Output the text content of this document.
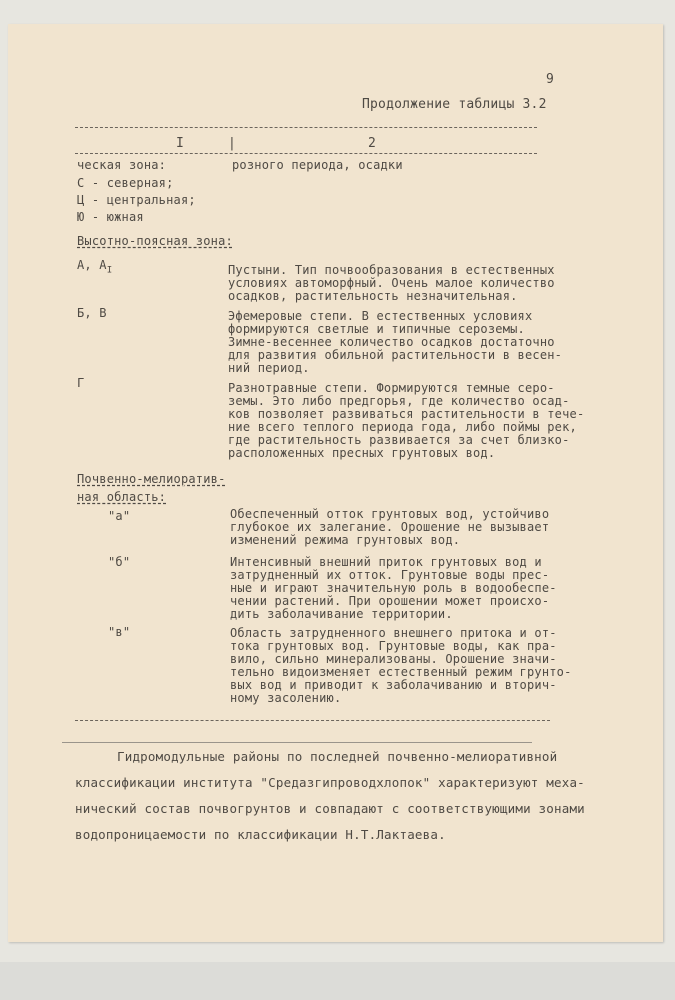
9
Продолжение таблицы 3.2
I	|	2
ческая зона:	розного периода, осадки
С - северная;
Ц - центральная;
Ю - южная
Высотно-поясная зона:
А, $А_I$	Пустыни. Тип почвообразования в естественных
условиях автоморфный. Очень малое количество
осадков, растительность незначительная.
Б, В	Эфемеровые степи. В естественных условиях
формируются светлые и типичные сероземы.
Зимне-весеннее количество осадков достаточно
для развития обильной растительности в весен-
ний период.
Г	Разнотравные степи. Формируются темные серо-
земы. Это либо предгорья, где количество осад-
ков позволяет развиваться растительности в тече-
ние всего теплого периода года, либо поймы рек,
где растительность развивается за счет близко-
расположенных пресных грунтовых вод.
Почвенно-мелиоратив-
ная область:
"а"	Обеспеченный отток грунтовых вод, устойчиво
глубокое их залегание. Орошение не вызывает
изменений режима грунтовых вод.
"б"	Интенсивный внешний приток грунтовых вод и
затрудненный их отток. Грунтовые воды прес-
ные и играют значительную роль в водообеспе-
чении растений. При орошении может происхо-
дить заболачивание территории.
"в"	Область затрудненного внешнего притока и от-
тока грунтовых вод. Грунтовые воды, как пра-
вило, сильно минерализованы. Орошение значи-
тельно видоизменяет естественный режим грунто-
вых вод и приводит к заболачиванию и вторич-
ному засолению.
Гидромодульные районы по последней почвенно-мелиоративной
классификации института "Средазгипроводхлопок" характеризуют меха-
нический состав почвогрунтов и совпадают с соответствующими зонами
водопроницаемости по классификации Н.Т.Лактаева.
